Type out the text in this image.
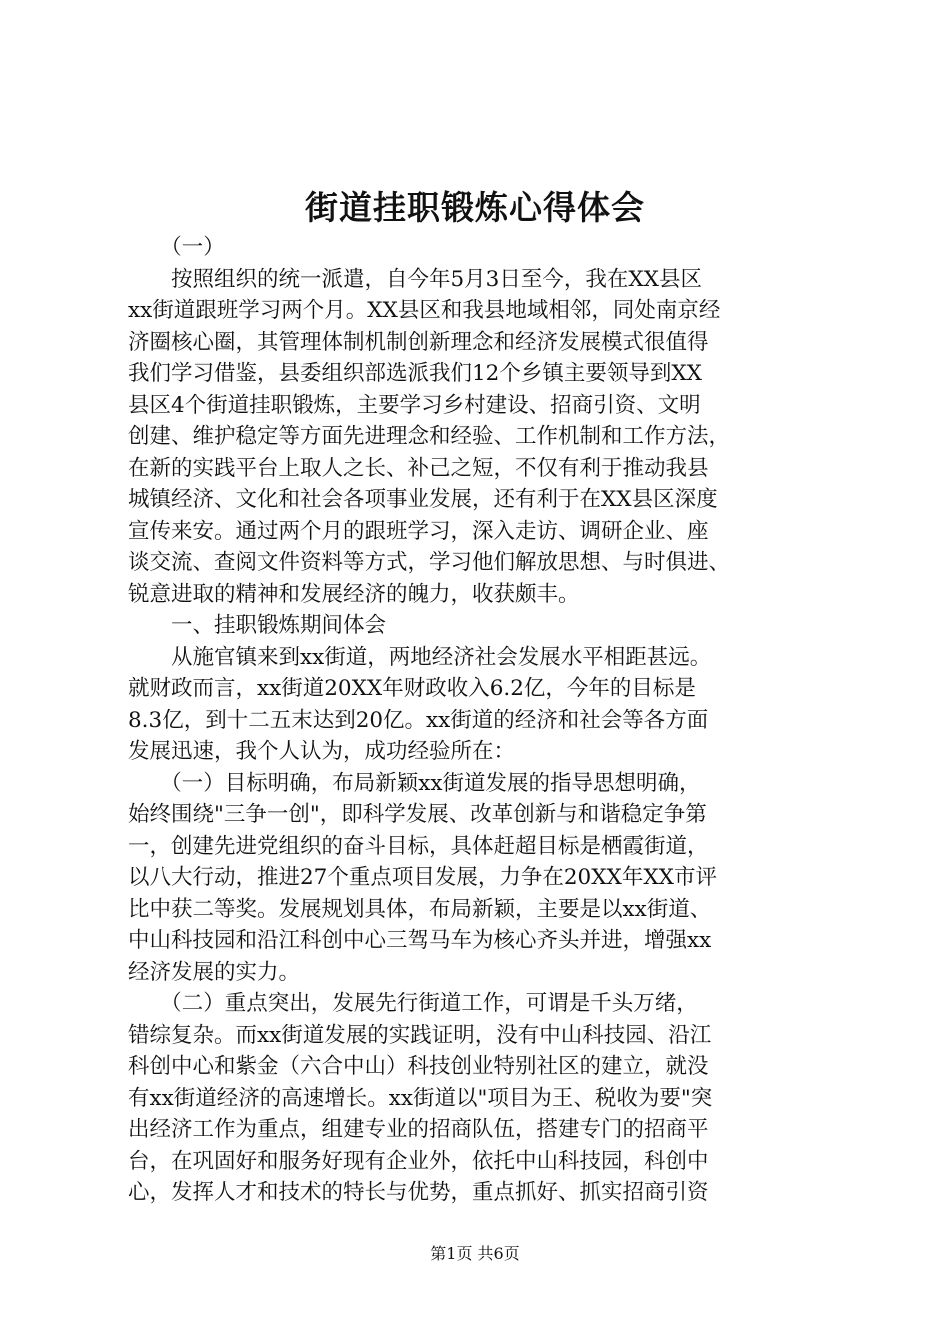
街道挂职锻炼心得体会
　　（一）
　　按照组织的统一派遣，自今年5月3日至今，我在XX县区
xx街道跟班学习两个月。XX县区和我县地域相邻，同处南京经
济圈核心圈，其管理体制机制创新理念和经济发展模式很值得
我们学习借鉴，县委组织部选派我们12个乡镇主要领导到XX
县区4个街道挂职锻炼，主要学习乡村建设、招商引资、文明
创建、维护稳定等方面先进理念和经验、工作机制和工作方法，
在新的实践平台上取人之长、补己之短，不仅有利于推动我县
城镇经济、文化和社会各项事业发展，还有利于在XX县区深度
宣传来安。通过两个月的跟班学习，深入走访、调研企业、座
谈交流、查阅文件资料等方式，学习他们解放思想、与时俱进、
锐意进取的精神和发展经济的魄力，收获颇丰。
　　一、挂职锻炼期间体会
　　从施官镇来到xx街道，两地经济社会发展水平相距甚远。
就财政而言，xx街道20XX年财政收入6.2亿，今年的目标是
8.3亿，到十二五末达到20亿。xx街道的经济和社会等各方面
发展迅速，我个人认为，成功经验所在：
　　（一）目标明确，布局新颖xx街道发展的指导思想明确，
始终围绕"三争一创"，即科学发展、改革创新与和谐稳定争第
一，创建先进党组织的奋斗目标，具体赶超目标是栖霞街道，
以八大行动，推进27个重点项目发展，力争在20XX年XX市评
比中获二等奖。发展规划具体，布局新颖，主要是以xx街道、
中山科技园和沿江科创中心三驾马车为核心齐头并进，增强xx
经济发展的实力。
　　（二）重点突出，发展先行街道工作，可谓是千头万绪，
错综复杂。而xx街道发展的实践证明，没有中山科技园、沿江
科创中心和紫金（六合中山）科技创业特别社区的建立，就没
有xx街道经济的高速增长。xx街道以"项目为王、税收为要"突
出经济工作为重点，组建专业的招商队伍，搭建专门的招商平
台，在巩固好和服务好现有企业外，依托中山科技园，科创中
心，发挥人才和技术的特长与优势，重点抓好、抓实招商引资
第1页 共6页
